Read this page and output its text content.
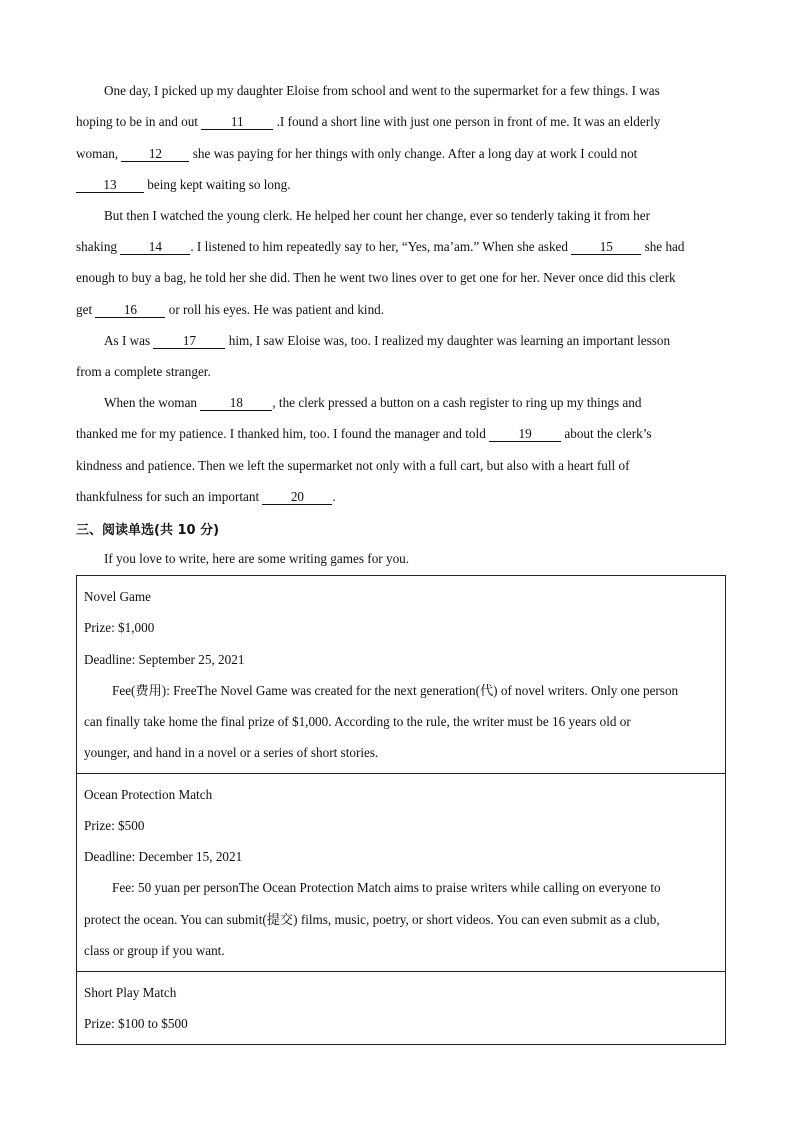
One day, I picked up my daughter Eloise from school and went to the supermarket for a few things. I was
hoping to be in and out 11 .I found a short line with just one person in front of me. It was an elderly
woman, 12 she was paying for her things with only change. After a long day at work I could not
13 being kept waiting so long.
But then I watched the young clerk. He helped her count her change, ever so tenderly taking it from her
shaking 14 . I listened to him repeatedly say to her, “Yes, ma’am.” When she asked 15 she had
enough to buy a bag, he told her she did. Then he went two lines over to get one for her. Never once did this clerk
get 16 or roll his eyes. He was patient and kind.
As I was 17 him, I saw Eloise was, too. I realized my daughter was learning an important lesson
from a complete stranger.
When the woman 18 , the clerk pressed a button on a cash register to ring up my things and
thanked me for my patience. I thanked him, too. I found the manager and told 19 about the clerk’s
kindness and patience. Then we left the supermarket not only with a full cart, but also with a heart full of
thankfulness for such an important 20 .
三、阅读单选(共 10 分)
If you love to write, here are some writing games for you.
Novel Game
Prize: $1,000
Deadline: September 25, 2021
Fee(费用): FreeThe Novel Game was created for the next generation(代) of novel writers. Only one person
can finally take home the final prize of $1,000. According to the rule, the writer must be 16 years old or
younger, and hand in a novel or a series of short stories.

Ocean Protection Match
Prize: $500
Deadline: December 15, 2021
Fee: 50 yuan per personThe Ocean Protection Match aims to praise writers while calling on everyone to
protect the ocean. You can submit(提交) films, music, poetry, or short videos. You can even submit as a club,
class or group if you want.

Short Play Match
Prize: $100 to $500
